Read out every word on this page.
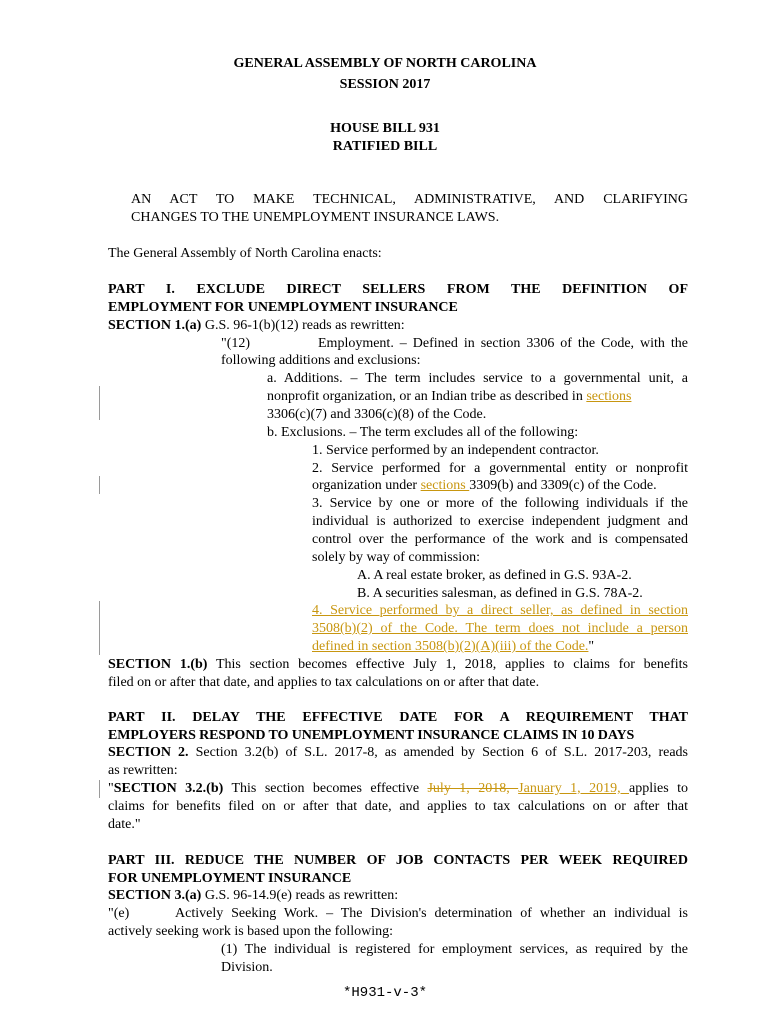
GENERAL ASSEMBLY OF NORTH CAROLINA
SESSION 2017
HOUSE BILL 931
RATIFIED BILL
AN ACT TO MAKE TECHNICAL, ADMINISTRATIVE, AND CLARIFYING
CHANGES TO THE UNEMPLOYMENT INSURANCE LAWS.
The General Assembly of North Carolina enacts:
PART I. EXCLUDE DIRECT SELLERS FROM THE DEFINITION OF
EMPLOYMENT FOR UNEMPLOYMENT INSURANCE
SECTION 1.(a) G.S. 96-1(b)(12) reads as rewritten:
"(12)	Employment. – Defined in section 3306 of the Code, with the
following additions and exclusions:
a. Additions. – The term includes service to a governmental unit, a
nonprofit organization, or an Indian tribe as described in sections
3306(c)(7) and 3306(c)(8) of the Code.
b. Exclusions. – The term excludes all of the following:
1. Service performed by an independent contractor.
2. Service performed for a governmental entity or nonprofit
organization under sections 3309(b) and 3309(c) of the Code.
3. Service by one or more of the following individuals if the
individual is authorized to exercise independent judgment and
control over the performance of the work and is compensated
solely by way of commission:
A. A real estate broker, as defined in G.S. 93A-2.
B. A securities salesman, as defined in G.S. 78A-2.
4. Service performed by a direct seller, as defined in section
3508(b)(2) of the Code. The term does not include a person
defined in section 3508(b)(2)(A)(iii) of the Code."
SECTION 1.(b) This section becomes effective July 1, 2018, applies to claims for benefits
filed on or after that date, and applies to tax calculations on or after that date.
PART II. DELAY THE EFFECTIVE DATE FOR A REQUIREMENT THAT
EMPLOYERS RESPOND TO UNEMPLOYMENT INSURANCE CLAIMS IN 10 DAYS
SECTION 2. Section 3.2(b) of S.L. 2017-8, as amended by Section 6 of S.L. 2017-203, reads
as rewritten:
"SECTION 3.2.(b) This section becomes effective July 1, 2018, January 1, 2019, applies to
claims for benefits filed on or after that date, and applies to tax calculations on or after that
date."
PART III. REDUCE THE NUMBER OF JOB CONTACTS PER WEEK REQUIRED
FOR UNEMPLOYMENT INSURANCE
SECTION 3.(a) G.S. 96-14.9(e) reads as rewritten:
"(e)	Actively Seeking Work. – The Division's determination of whether an individual is
actively seeking work is based upon the following:
(1) The individual is registered for employment services, as required by the
Division.
*H931-v-3*
